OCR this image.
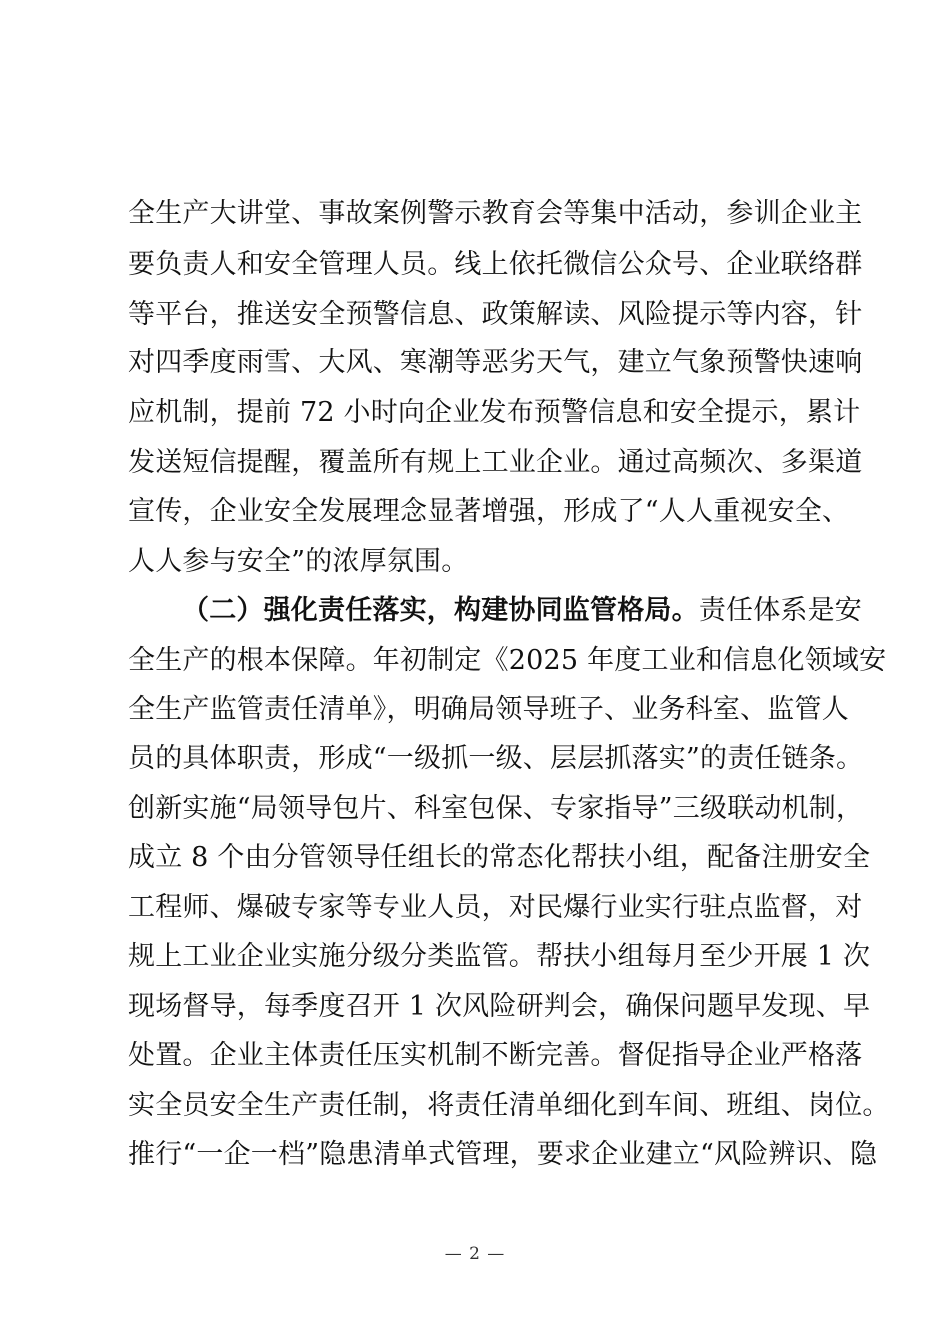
全生产大讲堂、事故案例警示教育会等集中活动，参训企业主
要负责人和安全管理人员。线上依托微信公众号、企业联络群
等平台，推送安全预警信息、政策解读、风险提示等内容，针
对四季度雨雪、大风、寒潮等恶劣天气，建立气象预警快速响
应机制，提前 72 小时向企业发布预警信息和安全提示，累计
发送短信提醒，覆盖所有规上工业企业。通过高频次、多渠道
宣传，企业安全发展理念显著增强，形成了“人人重视安全、
人人参与安全”的浓厚氛围。
（二）强化责任落实，构建协同监管格局。责任体系是安
全生产的根本保障。年初制定《2025 年度工业和信息化领域安
全生产监管责任清单》，明确局领导班子、业务科室、监管人
员的具体职责，形成“一级抓一级、层层抓落实”的责任链条。
创新实施“局领导包片、科室包保、专家指导”三级联动机制，
成立 8 个由分管领导任组长的常态化帮扶小组，配备注册安全
工程师、爆破专家等专业人员，对民爆行业实行驻点监督，对
规上工业企业实施分级分类监管。帮扶小组每月至少开展 1 次
现场督导，每季度召开 1 次风险研判会，确保问题早发现、早
处置。企业主体责任压实机制不断完善。督促指导企业严格落
实全员安全生产责任制，将责任清单细化到车间、班组、岗位。
推行“一企一档”隐患清单式管理，要求企业建立“风险辨识、隐
— 2 —
